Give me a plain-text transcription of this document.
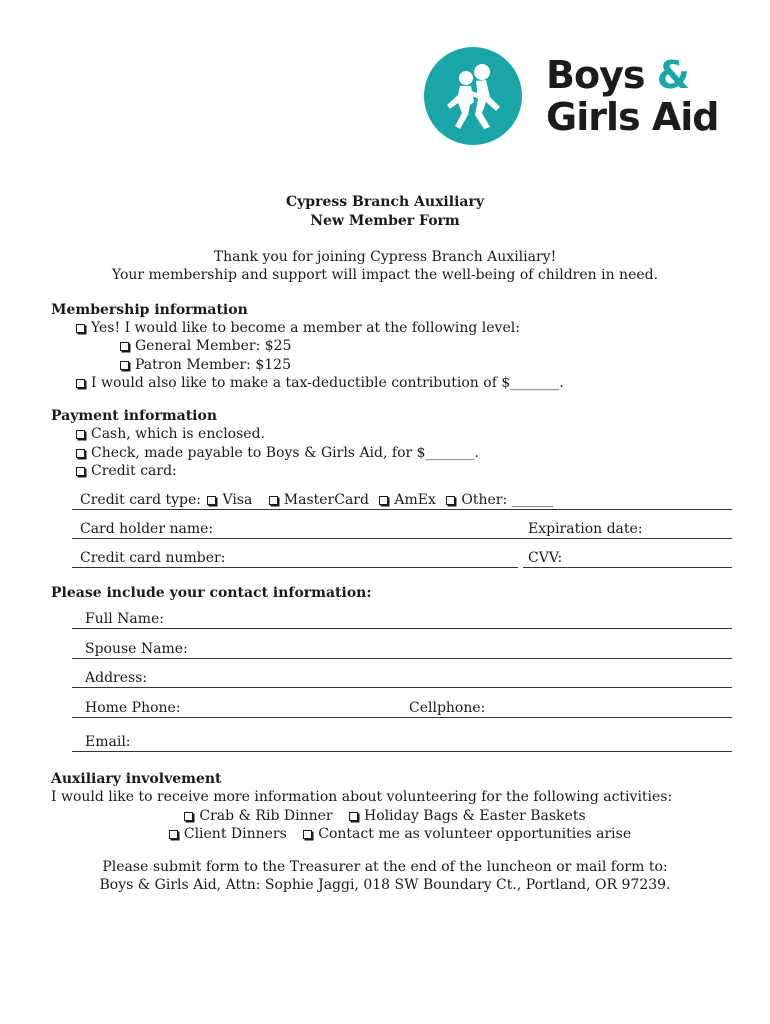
Boys &
Girls Aid
Cypress Branch Auxiliary
New Member Form
Thank you for joining Cypress Branch Auxiliary!
Your membership and support will impact the well-being of children in need.
Membership information
Yes! I would like to become a member at the following level:
General Member: $25
Patron Member: $125
I would also like to make a tax-deductible contribution of $_______.
Payment information
Cash, which is enclosed.
Check, made payable to Boys & Girls Aid, for $_______.
Credit card:
Credit card type: Visa MasterCard AmEx Other: ______
Card holder name:	Expiration date:
Credit card number:	CVV:
Please include your contact information:
Full Name:
Spouse Name:
Address:
Home Phone:	Cellphone:
Email:
Auxiliary involvement
I would like to receive more information about volunteering for the following activities:
Crab & Rib Dinner Holiday Bags & Easter Baskets
Client Dinners Contact me as volunteer opportunities arise
Please submit form to the Treasurer at the end of the luncheon or mail form to:
Boys & Girls Aid, Attn: Sophie Jaggi, 018 SW Boundary Ct., Portland, OR 97239.
